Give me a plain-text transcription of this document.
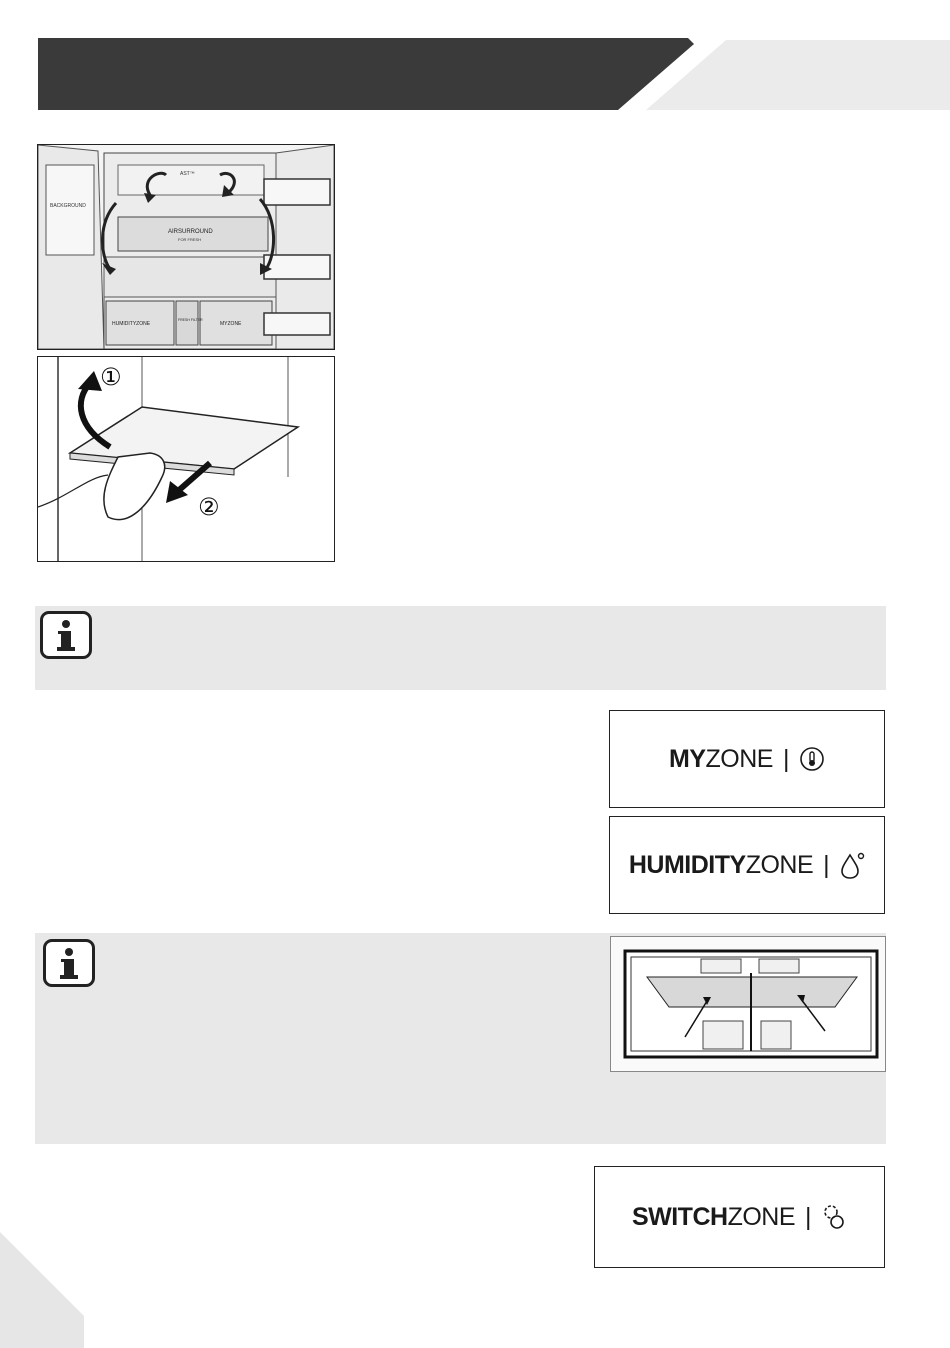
BACKGROUND
AST™
AIRSURROUND
FOR FRESH
HUMIDITYZONE
FRESH FILTER
MYZONE
①
②
MY ZONE |
HUMIDITY ZONE |
SWITCH ZONE |
